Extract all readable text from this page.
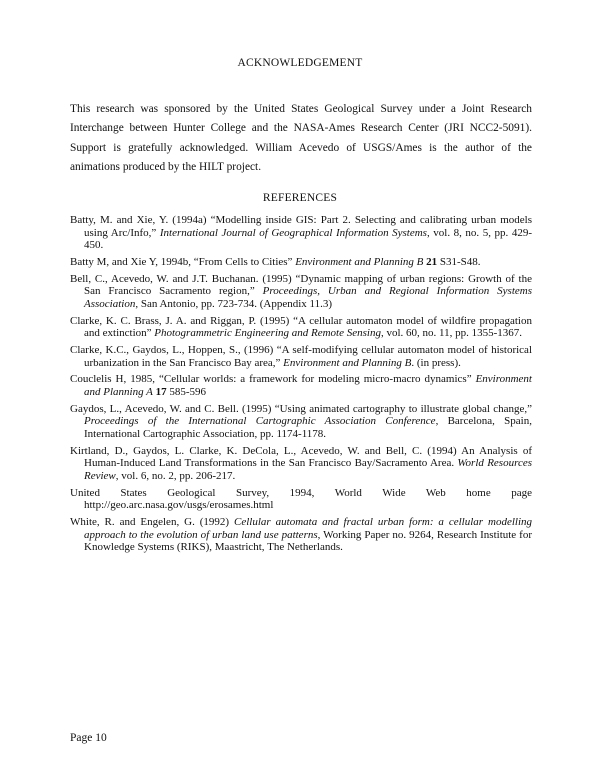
ACKNOWLEDGEMENT

This research was sponsored by the United States Geological Survey under a Joint Research Interchange between Hunter College and the NASA-Ames Research Center (JRI NCC2-5091). Support is gratefully acknowledged. William Acevedo of USGS/Ames is the author of the animations produced by the HILT project.

REFERENCES
Batty, M. and Xie, Y. (1994a) “Modelling inside GIS: Part 2. Selecting and calibrating urban models using Arc/Info,” International Journal of Geographical Information Systems, vol. 8, no. 5, pp. 429-450.
Batty M, and Xie Y, 1994b, “From Cells to Cities” Environment and Planning B 21 S31-S48.
Bell, C., Acevedo, W. and J.T. Buchanan. (1995) “Dynamic mapping of urban regions: Growth of the San Francisco Sacramento region,” Proceedings, Urban and Regional Information Systems Association, San Antonio, pp. 723-734. (Appendix 11.3)
Clarke, K. C. Brass, J. A. and Riggan, P. (1995) “A cellular automaton model of wildfire propagation and extinction” Photogrammetric Engineering and Remote Sensing, vol. 60, no. 11, pp. 1355-1367.
Clarke, K.C., Gaydos, L., Hoppen, S., (1996) “A self-modifying cellular automaton model of historical urbanization in the San Francisco Bay area,” Environment and Planning B. (in press).
Couclelis H, 1985, “Cellular worlds: a framework for modeling micro-macro dynamics” Environment and Planning A 17 585-596
Gaydos, L., Acevedo, W. and C. Bell. (1995) “Using animated cartography to illustrate global change,” Proceedings of the International Cartographic Association Conference, Barcelona, Spain, International Cartographic Association, pp. 1174-1178.
Kirtland, D., Gaydos, L. Clarke, K. DeCola, L., Acevedo, W. and Bell, C. (1994) An Analysis of Human-Induced Land Transformations in the San Francisco Bay/Sacramento Area. World Resources Review, vol. 6, no. 2, pp. 206-217.
United States Geological Survey, 1994, World Wide Web home page http://geo.arc.nasa.gov/usgs/erosames.html
White, R. and Engelen, G. (1992) Cellular automata and fractal urban form: a cellular modelling approach to the evolution of urban land use patterns, Working Paper no. 9264, Research Institute for Knowledge Systems (RIKS), Maastricht, The Netherlands.
Page 10
